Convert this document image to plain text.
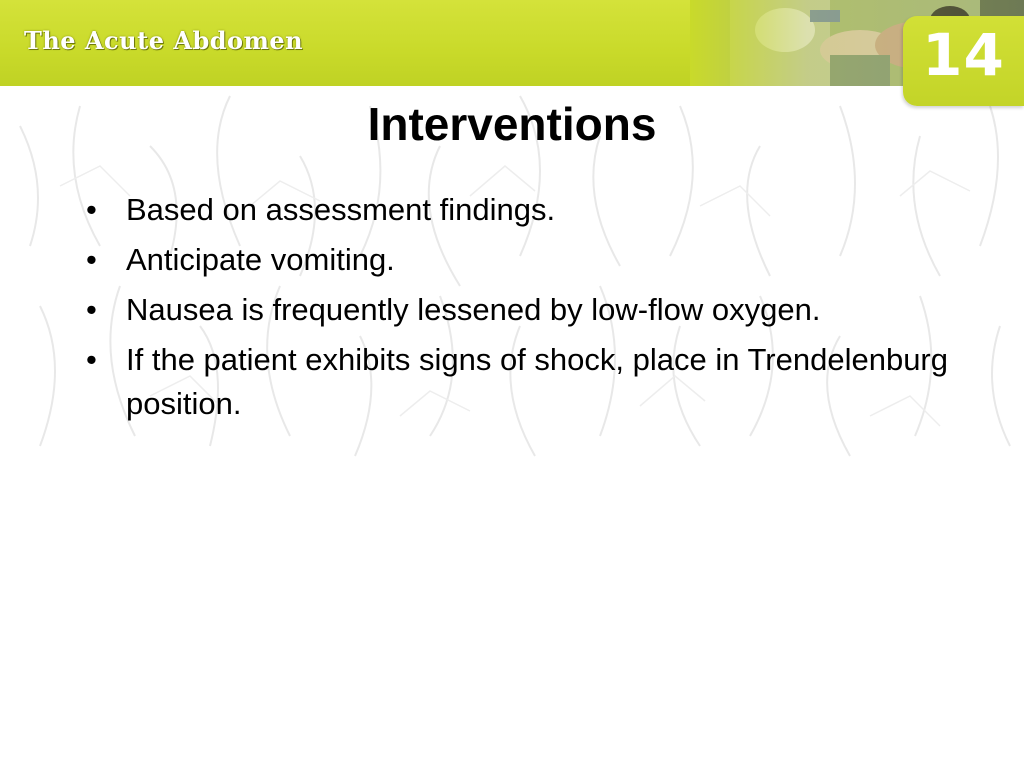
The Acute Abdomen	14
Interventions
• Based on assessment findings.
• Anticipate vomiting.
• Nausea is frequently lessened by low-flow oxygen.
• If the patient exhibits signs of shock, place in Trendelenburg position.
